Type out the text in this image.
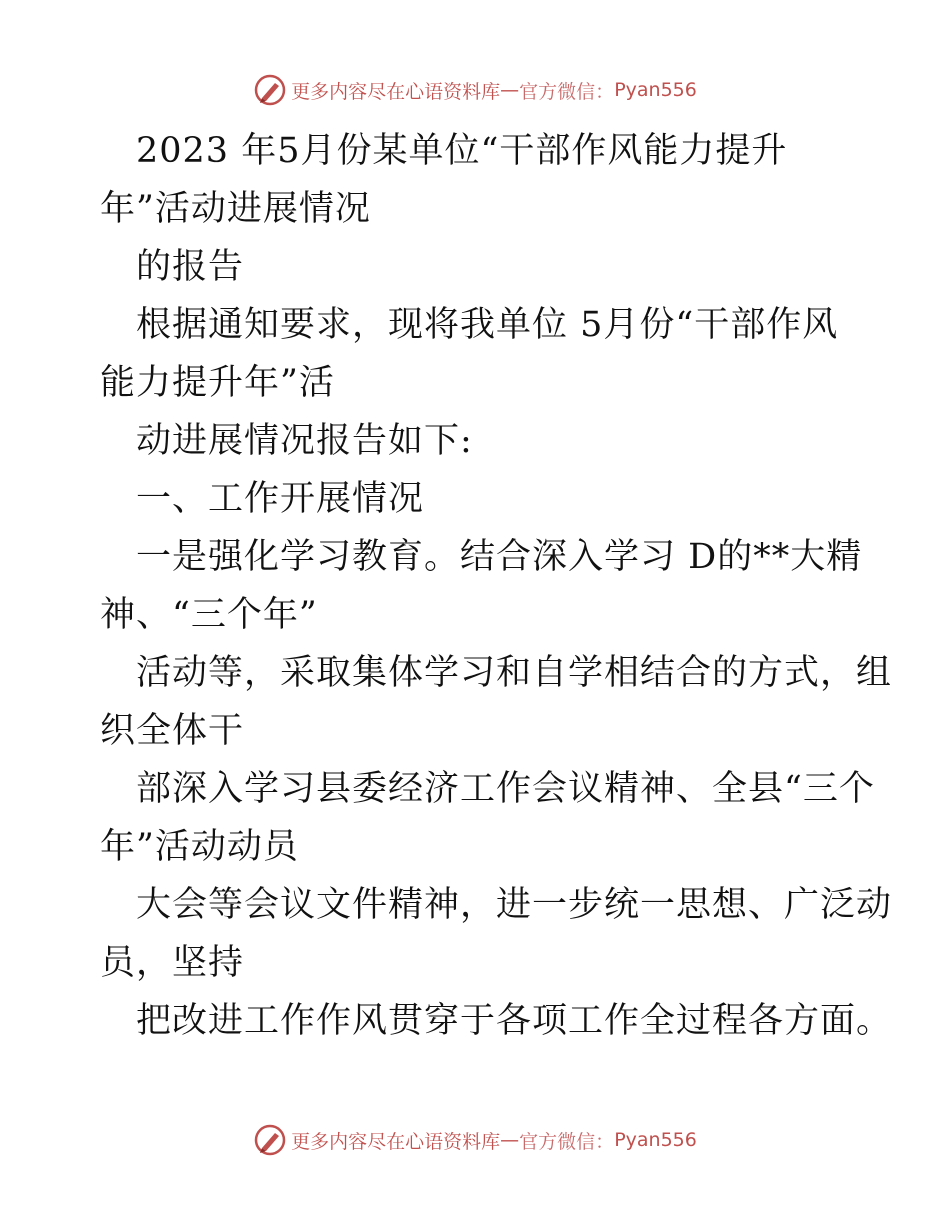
更多内容尽在心语资料库 — 官方微信： Pyan556
2023 年5月份某单位“干部作风能力提升
年”活动进展情况
的报告
根据通知要求，现将我单位 5月份“干部作风
能力提升年”活
动进展情况报告如下:
一、工作开展情况
一是强化学习教育。结合深入学习 D的**大精
神、“三个年”
活动等，采取集体学习和自学相结合的方式，组
织全体干
部深入学习县委经济工作会议精神、全县“三个
年”活动动员
大会等会议文件精神，进一步统一思想、广泛动
员，坚持
把改进工作作风贯穿于各项工作全过程各方面。
更多内容尽在心语资料库 — 官方微信： Pyan556
